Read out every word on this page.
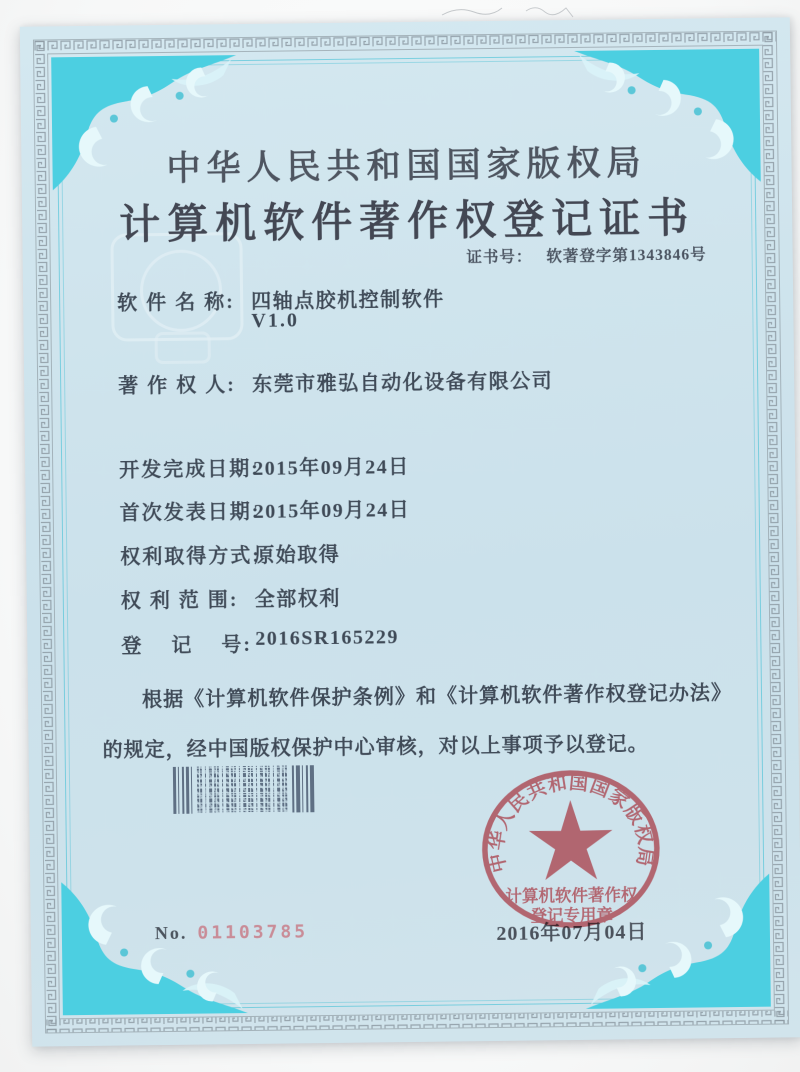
中华人民共和国国家版权局
计算机软件著作权登记证书
证书号： 软著登字第1343846号
软 件 名 称: 四轴点胶机控制软件
V1.0
著 作 权 人: 东莞市雅弘自动化设备有限公司
开发完成日期:
2015年09月24日
首次发表日期:
2015年09月24日
权利取得方式:
原始取得
权 利 范 围: 全部权利
登    记    号: 2016SR165229
根据《计算机软件保护条例》和《计算机软件著作权登记办法》的规定，经中国版权保护中心审核，对以上事项予以登记。
2016年07月04日
中华人民共和国国家版权局
计算机软件著作权
登记专用章
No. 01103785
